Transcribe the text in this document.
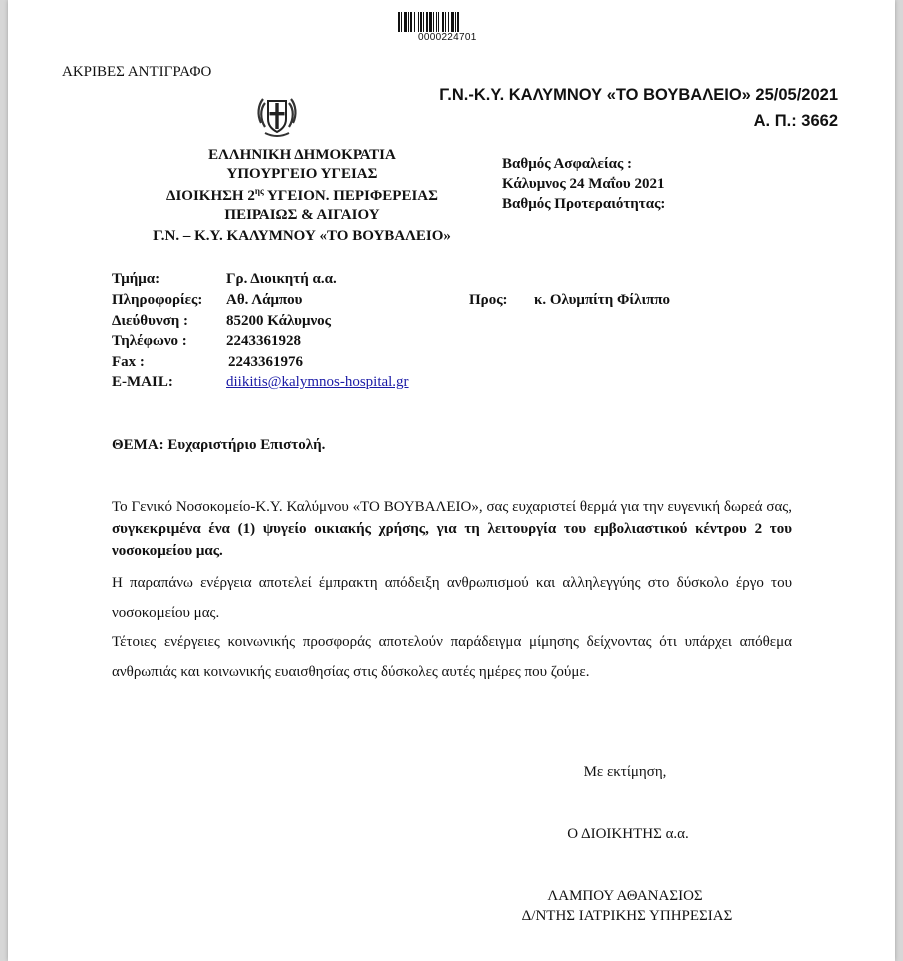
0000224701
ΑΚΡΙΒΕΣ ΑΝΤΙΓΡΑΦΟ
Γ.Ν.-Κ.Υ. ΚΑΛΥΜΝΟΥ «ΤΟ ΒΟΥΒΑΛΕΙΟ» 25/05/2021
Α. Π.: 3662
ΕΛΛΗΝΙΚΗ ΔΗΜΟΚΡΑΤΙΑ
ΥΠΟΥΡΓΕΙΟ ΥΓΕΙΑΣ
ΔΙΟΙΚΗΣΗ $2^{\eta\varsigma}$ ΥΓΕΙΟΝ. ΠΕΡΙΦΕΡΕΙΑΣ
ΠΕΙΡΑΙΩΣ & ΑΙΓΑΙΟΥ
Γ.Ν. – Κ.Υ. ΚΑΛΥΜΝΟΥ «ΤΟ ΒΟΥΒΑΛΕΙΟ»
Βαθμός Ασφαλείας :
Κάλυμνος 24 Μαΐου 2021
Βαθμός Προτεραιότητας:
Τμήμα:	Γρ. Διοικητή α.α.
Πληροφορίες: Αθ. Λάμπου
Διεύθυνση :	85200 Κάλυμνος
Τηλέφωνο :	2243361928
Fax :	2243361976
E-MAIL:	diikitis@kalymnos-hospital.gr
Προς: κ. Ολυμπίτη Φίλιππο
ΘΕΜΑ: Ευχαριστήριο Επιστολή.
Το Γενικό Νοσοκομείο-Κ.Υ. Καλύμνου «ΤΟ ΒΟΥΒΑΛΕΙΟ», σας ευχαριστεί θερμά για την ευγενική δωρεά σας, συγκεκριμένα ένα (1) ψυγείο οικιακής χρήσης, για τη λειτουργία του εμβολιαστικού κέντρου 2 του νοσοκομείου μας.
Η παραπάνω ενέργεια αποτελεί έμπρακτη απόδειξη ανθρωπισμού και αλληλεγγύης στο δύσκολο έργο του νοσοκομείου μας.
Τέτοιες ενέργειες κοινωνικής προσφοράς αποτελούν παράδειγμα μίμησης δείχνοντας ότι υπάρχει απόθεμα ανθρωπιάς και κοινωνικής ευαισθησίας στις δύσκολες αυτές ημέρες που ζούμε.
Με εκτίμηση,
Ο ΔΙΟΙΚΗΤΗΣ α.α.
ΛΑΜΠΟΥ ΑΘΑΝΑΣΙΟΣ
Δ/ΝΤΗΣ ΙΑΤΡΙΚΗΣ ΥΠΗΡΕΣΙΑΣ
